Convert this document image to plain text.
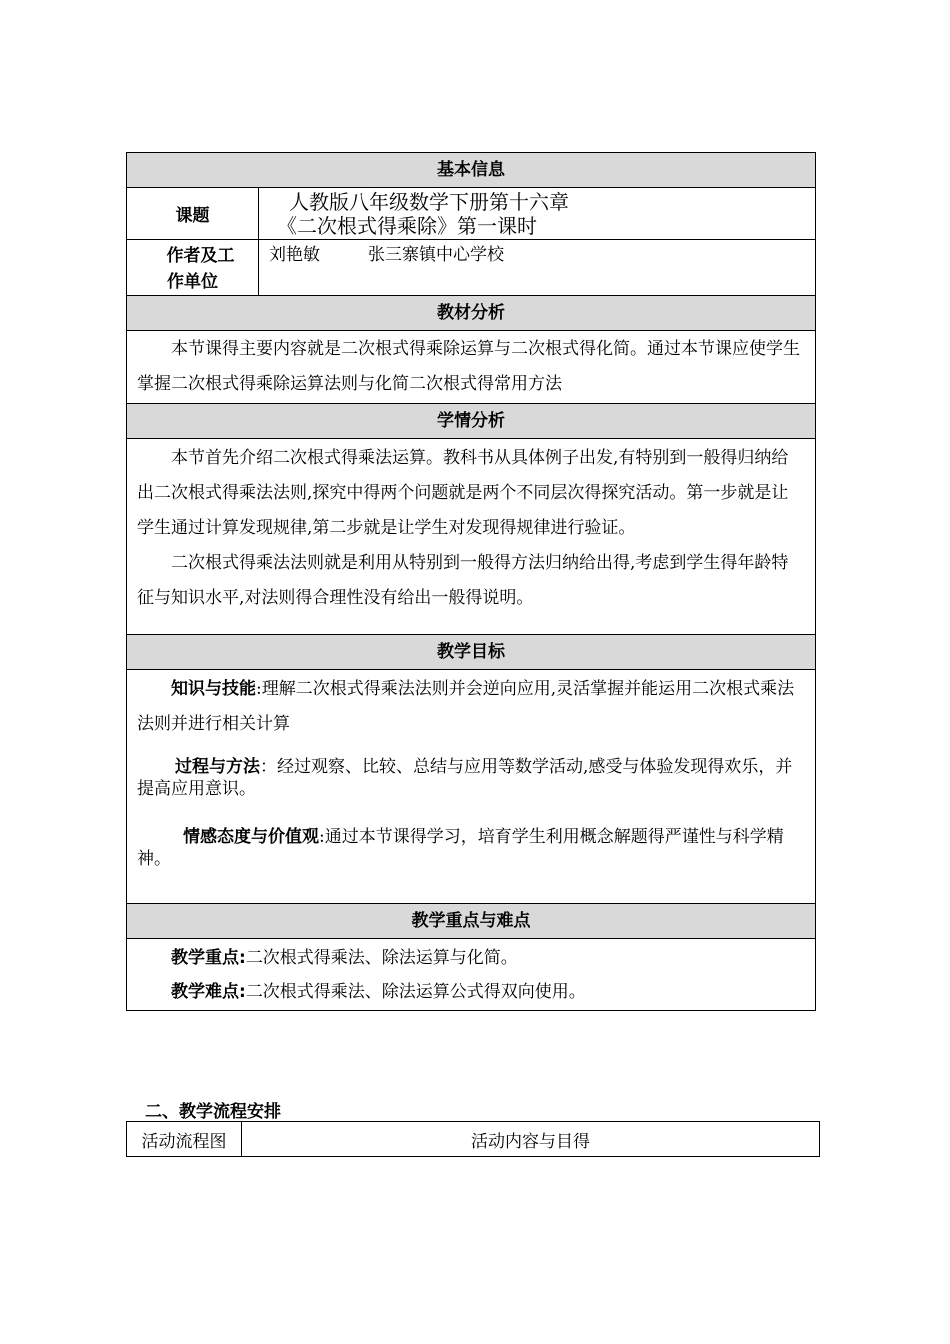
基本信息	
课题	人教版八年级数学下册第十六章
《二次根式得乘除》第一课时

作者及工
作单位	刘艳敏 张三寨镇中心学校
教材分析	

本节课得主要内容就是二次根式得乘除运算与二次根式得化简。通过本节课应使学生掌握二次根式得乘除运算法则与化简二次根式得常用方法	

学情分析	

本节首先介绍二次根式得乘法运算。教科书从具体例子出发,有特别到一般得归纳给出二次根式得乘法法则,探究中得两个问题就是两个不同层次得探究活动。第一步就是让学生通过计算发现规律,第二步就是让学生对发现得规律进行验证。
二次根式得乘法法则就是利用从特别到一般得方法归纳给出得,考虑到学生得年龄特征与知识水平,对法则得合理性没有给出一般得说明。	

教学目标	

知识与技能:理解二次根式得乘法法则并会逆向应用,灵活掌握并能运用二次根式乘法法则并进行相关计算
过程与方法：经过观察、比较、总结与应用等数学活动,感受与体验发现得欢乐，并提高应用意识。
情感态度与价值观:通过本节课得学习，培育学生利用概念解题得严谨性与科学精神。	

教学重点与难点	

教学重点:二次根式得乘法、除法运算与化简。
教学难点:二次根式得乘法、除法运算公式得双向使用。	
二、教学流程安排
活动流程图	活动内容与目得
